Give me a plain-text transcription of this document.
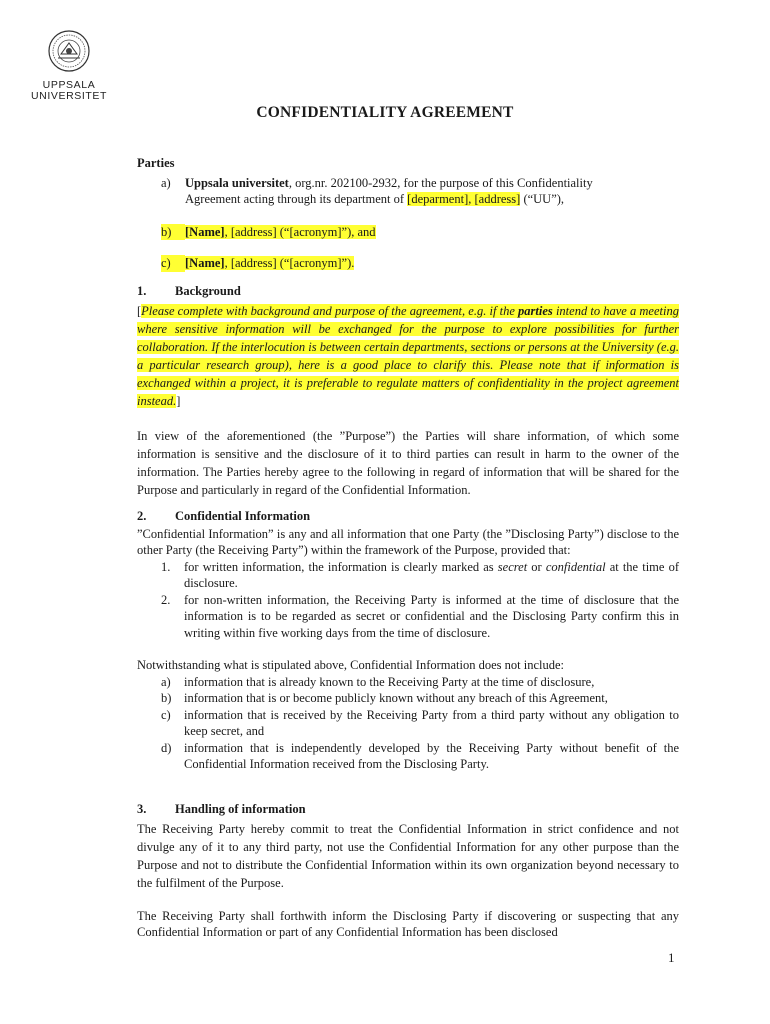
UPPSALA
UNIVERSITET
CONFIDENTIALITY AGREEMENT
Parties
a) Uppsala universitet, org.nr. 202100-2932, for the purpose of this Confidentiality
Agreement acting through its department of [deparment], [address] (“UU”),
b) [Name], [address] (“[acronym]”), and
c) [Name], [address] (“[acronym]”).
1. Background
[Please complete with background and purpose of the agreement, e.g. if the parties intend to have a meeting where sensitive information will be exchanged for the purpose to explore possibilities for further collaboration. If the interlocution is between certain departments, sections or persons at the University (e.g. a particular research group), here is a good place to clarify this. Please note that if information is exchanged within a project, it is preferable to regulate matters of confidentiality in the project agreement instead.]
In view of the aforementioned (the ”Purpose”) the Parties will share information, of which some information is sensitive and the disclosure of it to third parties can result in harm to the owner of the information. The Parties hereby agree to the following in regard of information that will be shared for the Purpose and particularly in regard of the Confidential Information.
2. Confidential Information
”Confidential Information” is any and all information that one Party (the ”Disclosing Party”) disclose to the other Party (the Receiving Party”) within the framework of the Purpose, provided that:
1. for written information, the information is clearly marked as secret or confidential at the time of disclosure.
2. for non-written information, the Receiving Party is informed at the time of disclosure that the information is to be regarded as secret or confidential and the Disclosing Party confirm this in writing within five working days from the time of disclosure.
Notwithstanding what is stipulated above, Confidential Information does not include:
a) information that is already known to the Receiving Party at the time of disclosure,
b) information that is or become publicly known without any breach of this Agreement,
c) information that is received by the Receiving Party from a third party without any obligation to keep secret, and
d) information that is independently developed by the Receiving Party without benefit of the Confidential Information received from the Disclosing Party.
3. Handling of information
The Receiving Party hereby commit to treat the Confidential Information in strict confidence and not divulge any of it to any third party, not use the Confidential Information for any other purpose than the Purpose and not to distribute the Confidential Information within its own organization beyond necessary to the fulfilment of the Purpose.
The Receiving Party shall forthwith inform the Disclosing Party if discovering or suspecting that any Confidential Information or part of any Confidential Information has been disclosed
1
